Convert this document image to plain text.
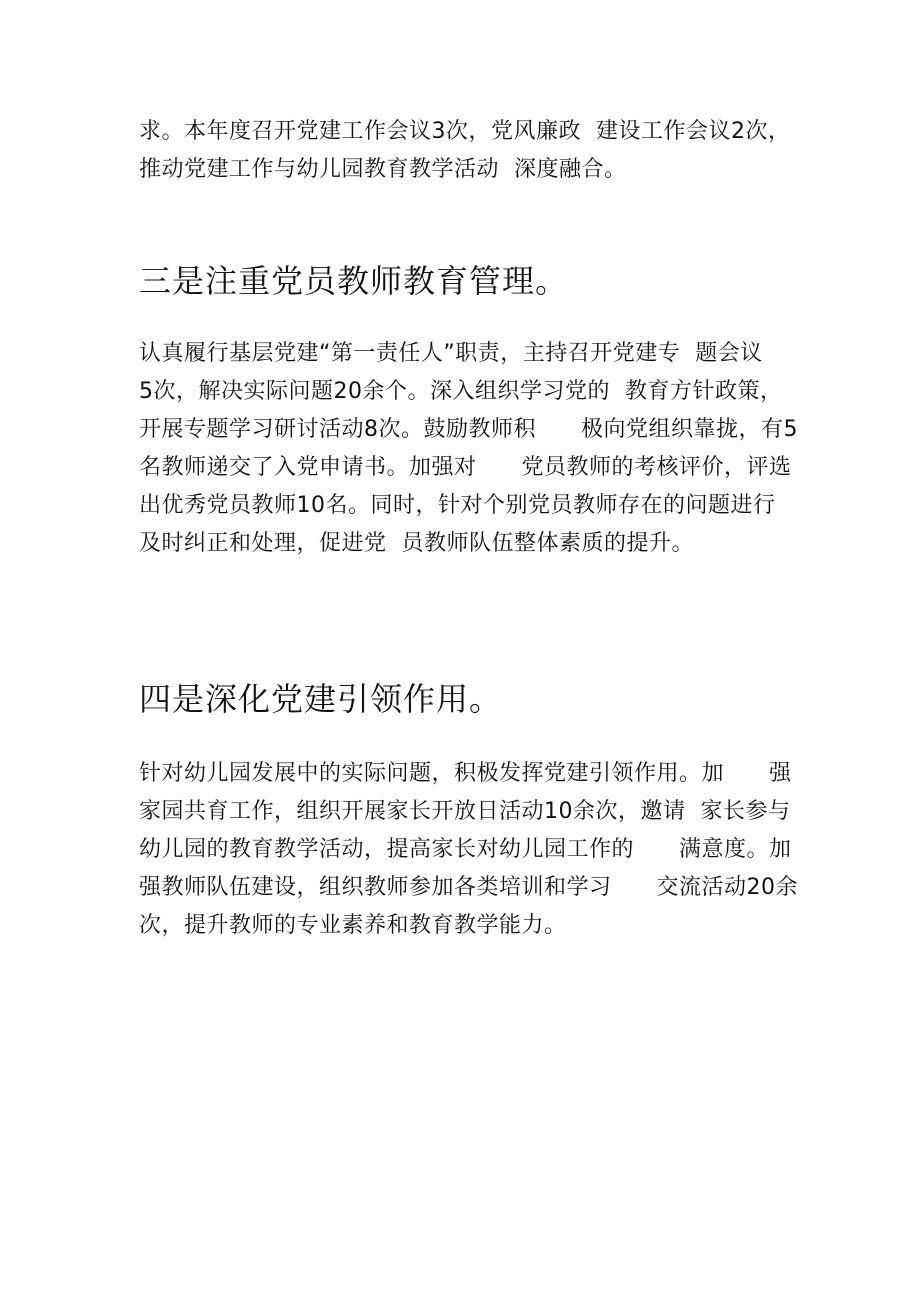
求。本年度召开党建工作会议3次，党风廉政  建设工作会议2次，
推动党建工作与幼儿园教育教学活动  深度融合。
三是注重党员教师教育管理。
认真履行基层党建“第一责任人”职责，主持召开党建专  题会议
5次，解决实际问题20余个。深入组织学习党的  教育方针政策，
开展专题学习研讨活动8次。鼓励教师积      极向党组织靠拢，有5
名教师递交了入党申请书。加强对      党员教师的考核评价，评选
出优秀党员教师10名。同时，针对个别党员教师存在的问题进行
及时纠正和处理，促进党  员教师队伍整体素质的提升。
四是深化党建引领作用。
针对幼儿园发展中的实际问题，积极发挥党建引领作用。加      强
家园共育工作，组织开展家长开放日活动10余次，邀请  家长参与
幼儿园的教育教学活动，提高家长对幼儿园工作的      满意度。加
强教师队伍建设，组织教师参加各类培训和学习      交流活动20余
次，提升教师的专业素养和教育教学能力。
